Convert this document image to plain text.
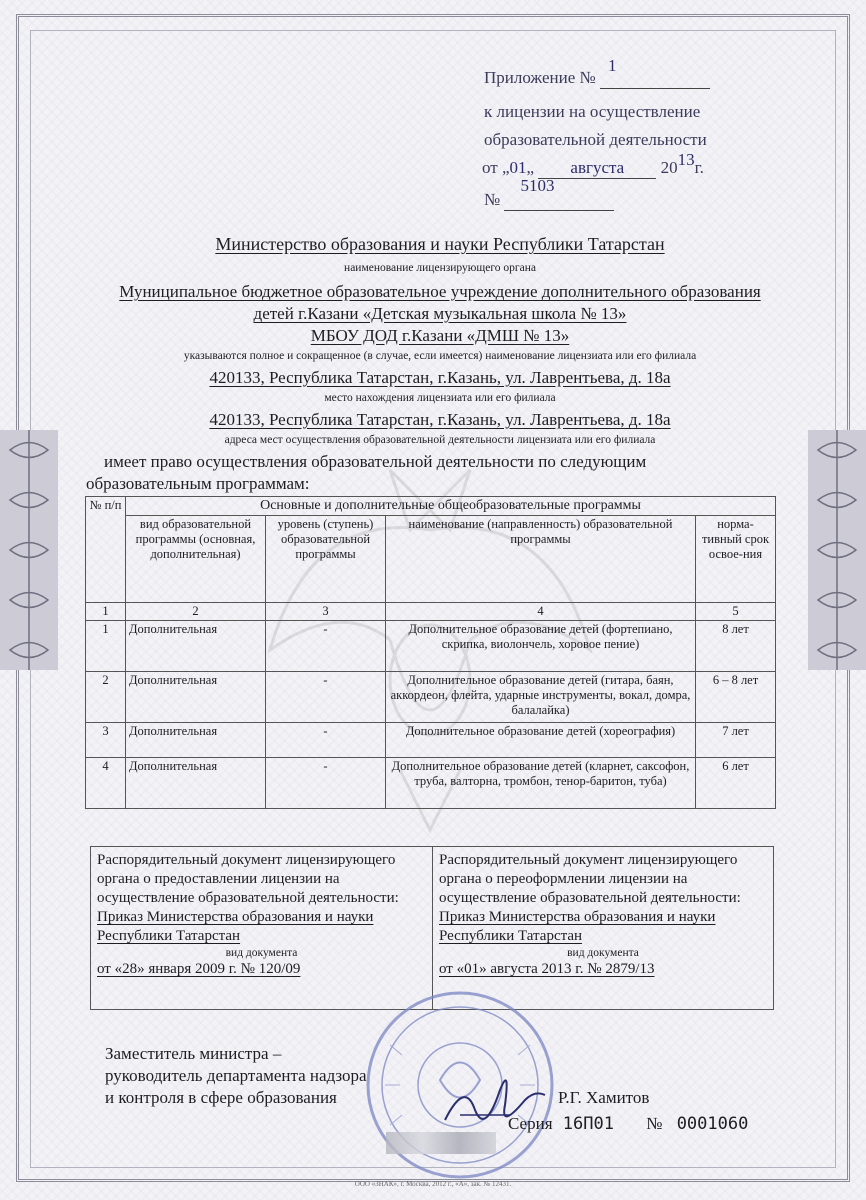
Приложение №
1

к лицензии на осуществление
образовательной деятельности
от „01„ августа 2013г.
№
5103

Министерство образования и науки Республики Татарстан
наименование лицензирующего органа
Муниципальное бюджетное образовательное учреждение дополнительного образования
детей г.Казани «Детская музыкальная школа № 13»
МБОУ ДОД г.Казани «ДМШ № 13»
указываются полное и сокращенное (в случае, если имеется) наименование лицензиата или его филиала
420133, Республика Татарстан, г.Казань, ул. Лаврентьева, д. 18а
место нахождения лицензиата или его филиала
420133, Республика Татарстан, г.Казань, ул. Лаврентьева, д. 18а
адреса мест осуществления образовательной деятельности лицензиата или его филиала
имеет право осуществления образовательной деятельности по следующим
образовательным программам:
№ п/п	Основные и дополнительные общеобразовательные программы			
	вид образовательной программы (основная, дополнительная)	уровень (ступень) образовательной программы	наименование (направленность) образовательной программы	норма-тивный срок освое-ния
1	2	3	4	5
1	Дополнительная	-	Дополнительное образование детей (фортепиано, скрипка, виолончель, хоровое пение)	8 лет
2	Дополнительная	-	Дополнительное образование детей (гитара, баян, аккордеон, флейта, ударные инструменты, вокал, домра, балалайка)	6 – 8 лет
3	Дополнительная	-	Дополнительное образование детей (хореография)	7 лет
4	Дополнительная	-	Дополнительное образование детей (кларнет, саксофон, труба, валторна, тромбон, тенор-баритон, туба)	6 лет
Распорядительный документ лицензирующего органа о предоставлении лицензии на осуществление образовательной деятельности:
Приказ Министерства образования и науки Республики Татарстан
вид документа
от «28» января 2009 г. № 120/09
Распорядительный документ лицензирующего органа о переоформлении лицензии на осуществление образовательной деятельности:
Приказ Министерства образования и науки Республики Татарстан
вид документа
от «01» августа 2013 г. № 2879/13
Заместитель министра –
руководитель департамента надзора
и контроля в сфере образования	Р.Г. Хамитов
Серия 16П01 № 0001060
ООО «ЗНАК», г. Москва, 2012 г., «А», зак. № 12431.
